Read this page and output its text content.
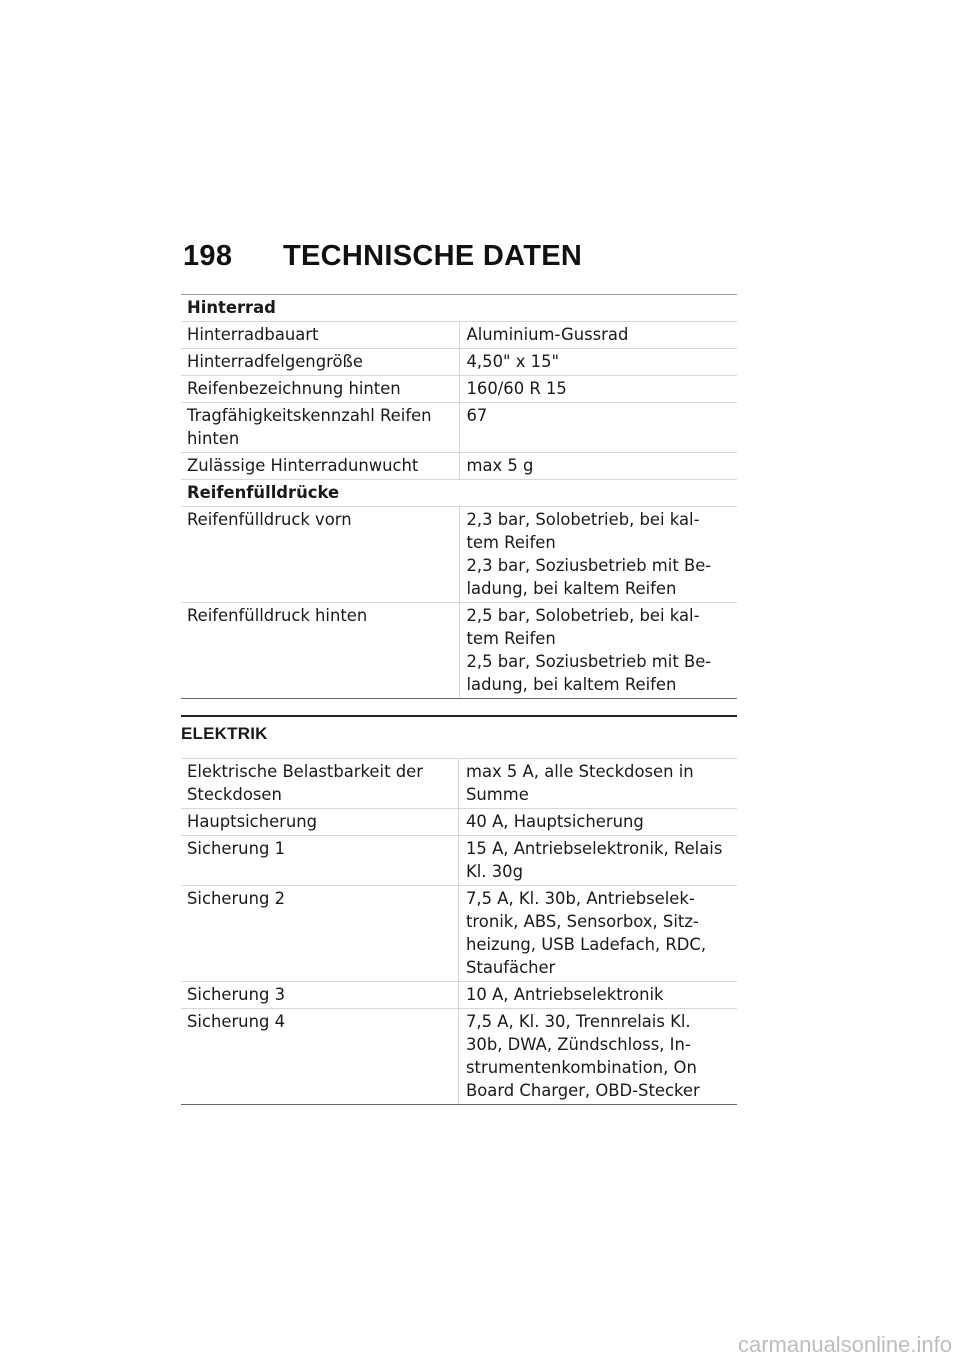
198	TECHNISCHE DATEN
Hinterrad	
Hinterradbauart	Aluminium-Gussrad
Hinterradfelgengröße	4,50" x 15"
Reifenbezeichnung hinten	160/60 R 15
Tragfähigkeitskennzahl Reifen hinten	67
Zulässige Hinterradunwucht	max 5 g
Reifenfülldrücke	
Reifenfülldruck vorn	2,3 bar, Solobetrieb, bei kal-tem Reifen
2,3 bar, Soziusbetrieb mit Be-ladung, bei kaltem Reifen

Reifenfülldruck hinten	2,5 bar, Solobetrieb, bei kal-tem Reifen
2,5 bar, Soziusbetrieb mit Be-ladung, bei kaltem Reifen
ELEKTRIK
Elektrische Belastbarkeit der Steckdosen	max 5 A, alle Steckdosen in Summe
Hauptsicherung	40 A, Hauptsicherung
Sicherung 1	15 A, Antriebselektronik, Relais Kl. 30g
Sicherung 2	7,5 A, Kl. 30b, Antriebselek-tronik, ABS, Sensorbox, Sitz-heizung, USB Ladefach, RDC, Staufächer
Sicherung 3	10 A, Antriebselektronik
Sicherung 4	7,5 A, Kl. 30, Trennrelais Kl. 30b, DWA, Zündschloss, In-strumentenkombination, On Board Charger, OBD-Stecker
carmanualsonline.info
